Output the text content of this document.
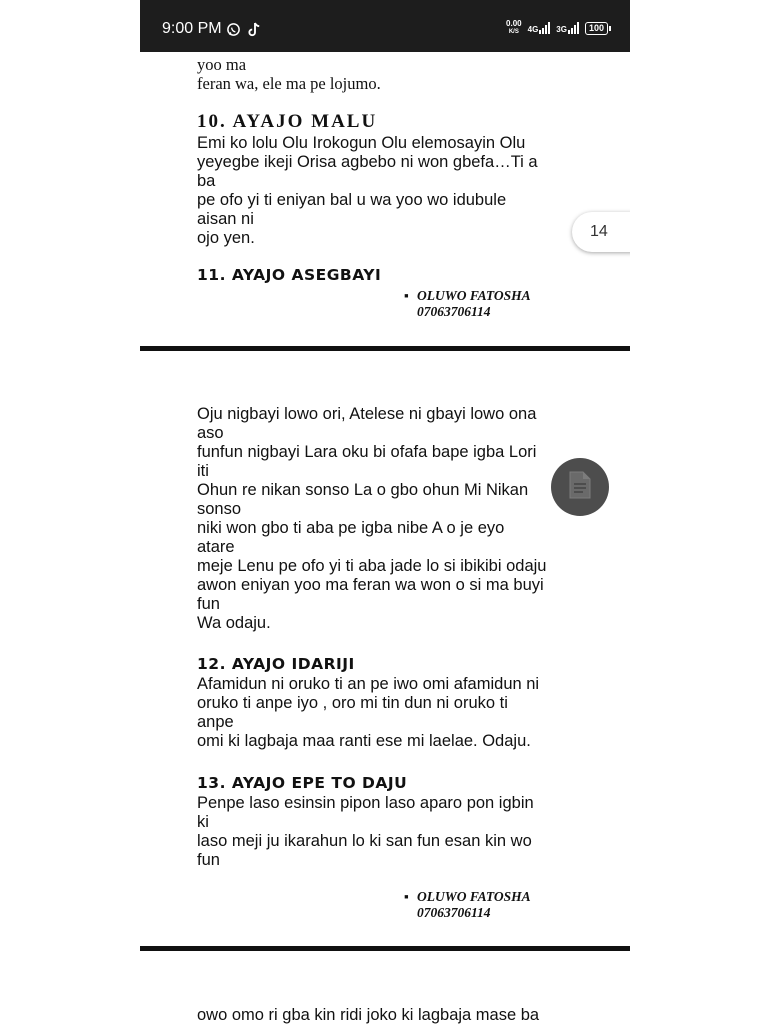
9:00 PM	0.00
K/S	4G 3G	100

yoo ma

feran wa, ele ma pe lojumo.

10. AYAJO MALU

Emi ko lolu Olu Irokogun Olu elemosayin Olu
yeyegbe ikeji Orisa agbebo ni won gbefa…Ti a
ba
pe ofo yi ti eniyan bal u wa yoo wo idubule
aisan ni
ojo yen.

11. AYAJO ASEGBAYI

▪ OLUWO FATOSHA
07063706114

Oju nigbayi lowo ori, Atelese ni gbayi lowo ona
aso
funfun nigbayi Lara oku bi ofafa bape igba Lori
iti
Ohun re nikan sonso La o gbo ohun Mi Nikan
sonso
niki won gbo ti aba pe igba nibe A o je eyo
atare
meje Lenu pe ofo yi ti aba jade lo si ibikibi odaju
awon eniyan yoo ma feran wa won o si ma buyi
fun
Wa odaju.

12. AYAJO IDARIJI

Afamidun ni oruko ti an pe iwo omi afamidun ni
oruko ti anpe iyo , oro mi tin dun ni oruko ti
anpe
omi ki lagbaja maa ranti ese mi laelae. Odaju.

13. AYAJO EPE TO DAJU

Penpe laso esinsin pipon laso aparo pon igbin
ki
laso meji ju ikarahun lo ki san fun esan kin wo
fun

▪ OLUWO FATOSHA
07063706114

owo omo ri gba kin ridi joko ki lagbaja mase ba

14
